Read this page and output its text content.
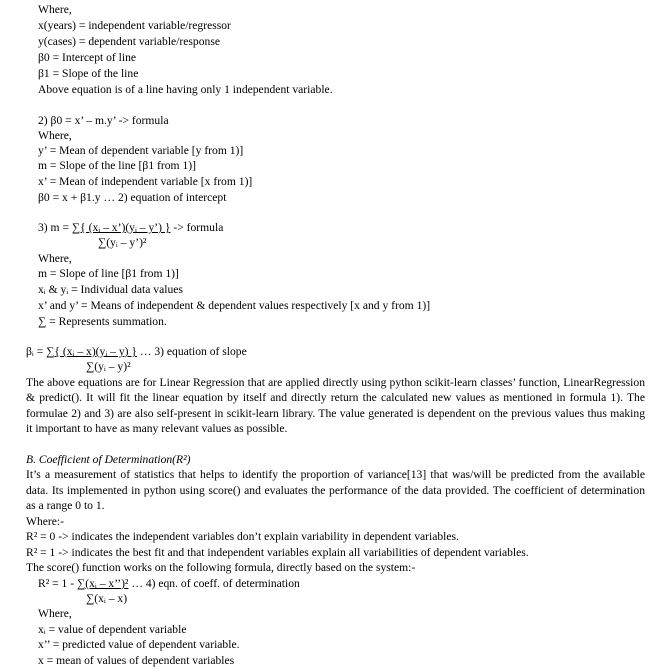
Where,
x(years) = independent variable/regressor
y(cases) = dependent variable/response
β0 = Intercept of line
β1 = Slope of the line
Above equation is of a line having only 1 independent variable.
2) β0 = x’ – m.y’ -> formula
Where,
y’ = Mean of dependent variable [y from 1)]
m = Slope of the line [β1 from 1)]
x’ = Mean of independent variable [x from 1)]
β0 = x + β1.y … 2) equation of intercept
3) m = ∑{ (xᵢ – x’)(yᵢ – y’) } -> formula
∑(yᵢ – y’)²
Where,
m = Slope of line [β1 from 1)]
xᵢ & yᵢ = Individual data values
x’ and y’ = Means of independent & dependent values respectively [x and y from 1)]
∑ = Represents summation.
βᵢ = ∑{ (xᵢ – x)(yᵢ – y) } … 3) equation of slope
∑(yᵢ – y)²
The above equations are for Linear Regression that are applied directly using python scikit-learn classes’ function, LinearRegression
& predict(). It will fit the linear equation by itself and directly return the calculated new values as mentioned in formula 1). The
formulae 2) and 3) are also self-present in scikit-learn library. The value generated is dependent on the previous values thus making
it important to have as many relevant values as possible.
B. Coefficient of Determination(R²)
It’s a measurement of statistics that helps to identify the proportion of variance[13] that was/will be predicted from the available
data. Its implemented in python using score() and evaluates the performance of the data provided. The coefficient of determination
as a range 0 to 1.
Where:-
R² = 0 -> indicates the independent variables don’t explain variability in dependent variables.
R² = 1 -> indicates the best fit and that independent variables explain all variabilities of dependent variables.
The score() function works on the following formula, directly based on the system:-
R² = 1 - ∑(xᵢ – x’’)² … 4) eqn. of coeff. of determination
∑(xᵢ – x)
Where,
xᵢ = value of dependent variable
x’’ = predicted value of dependent variable.
x = mean of values of dependent variables
